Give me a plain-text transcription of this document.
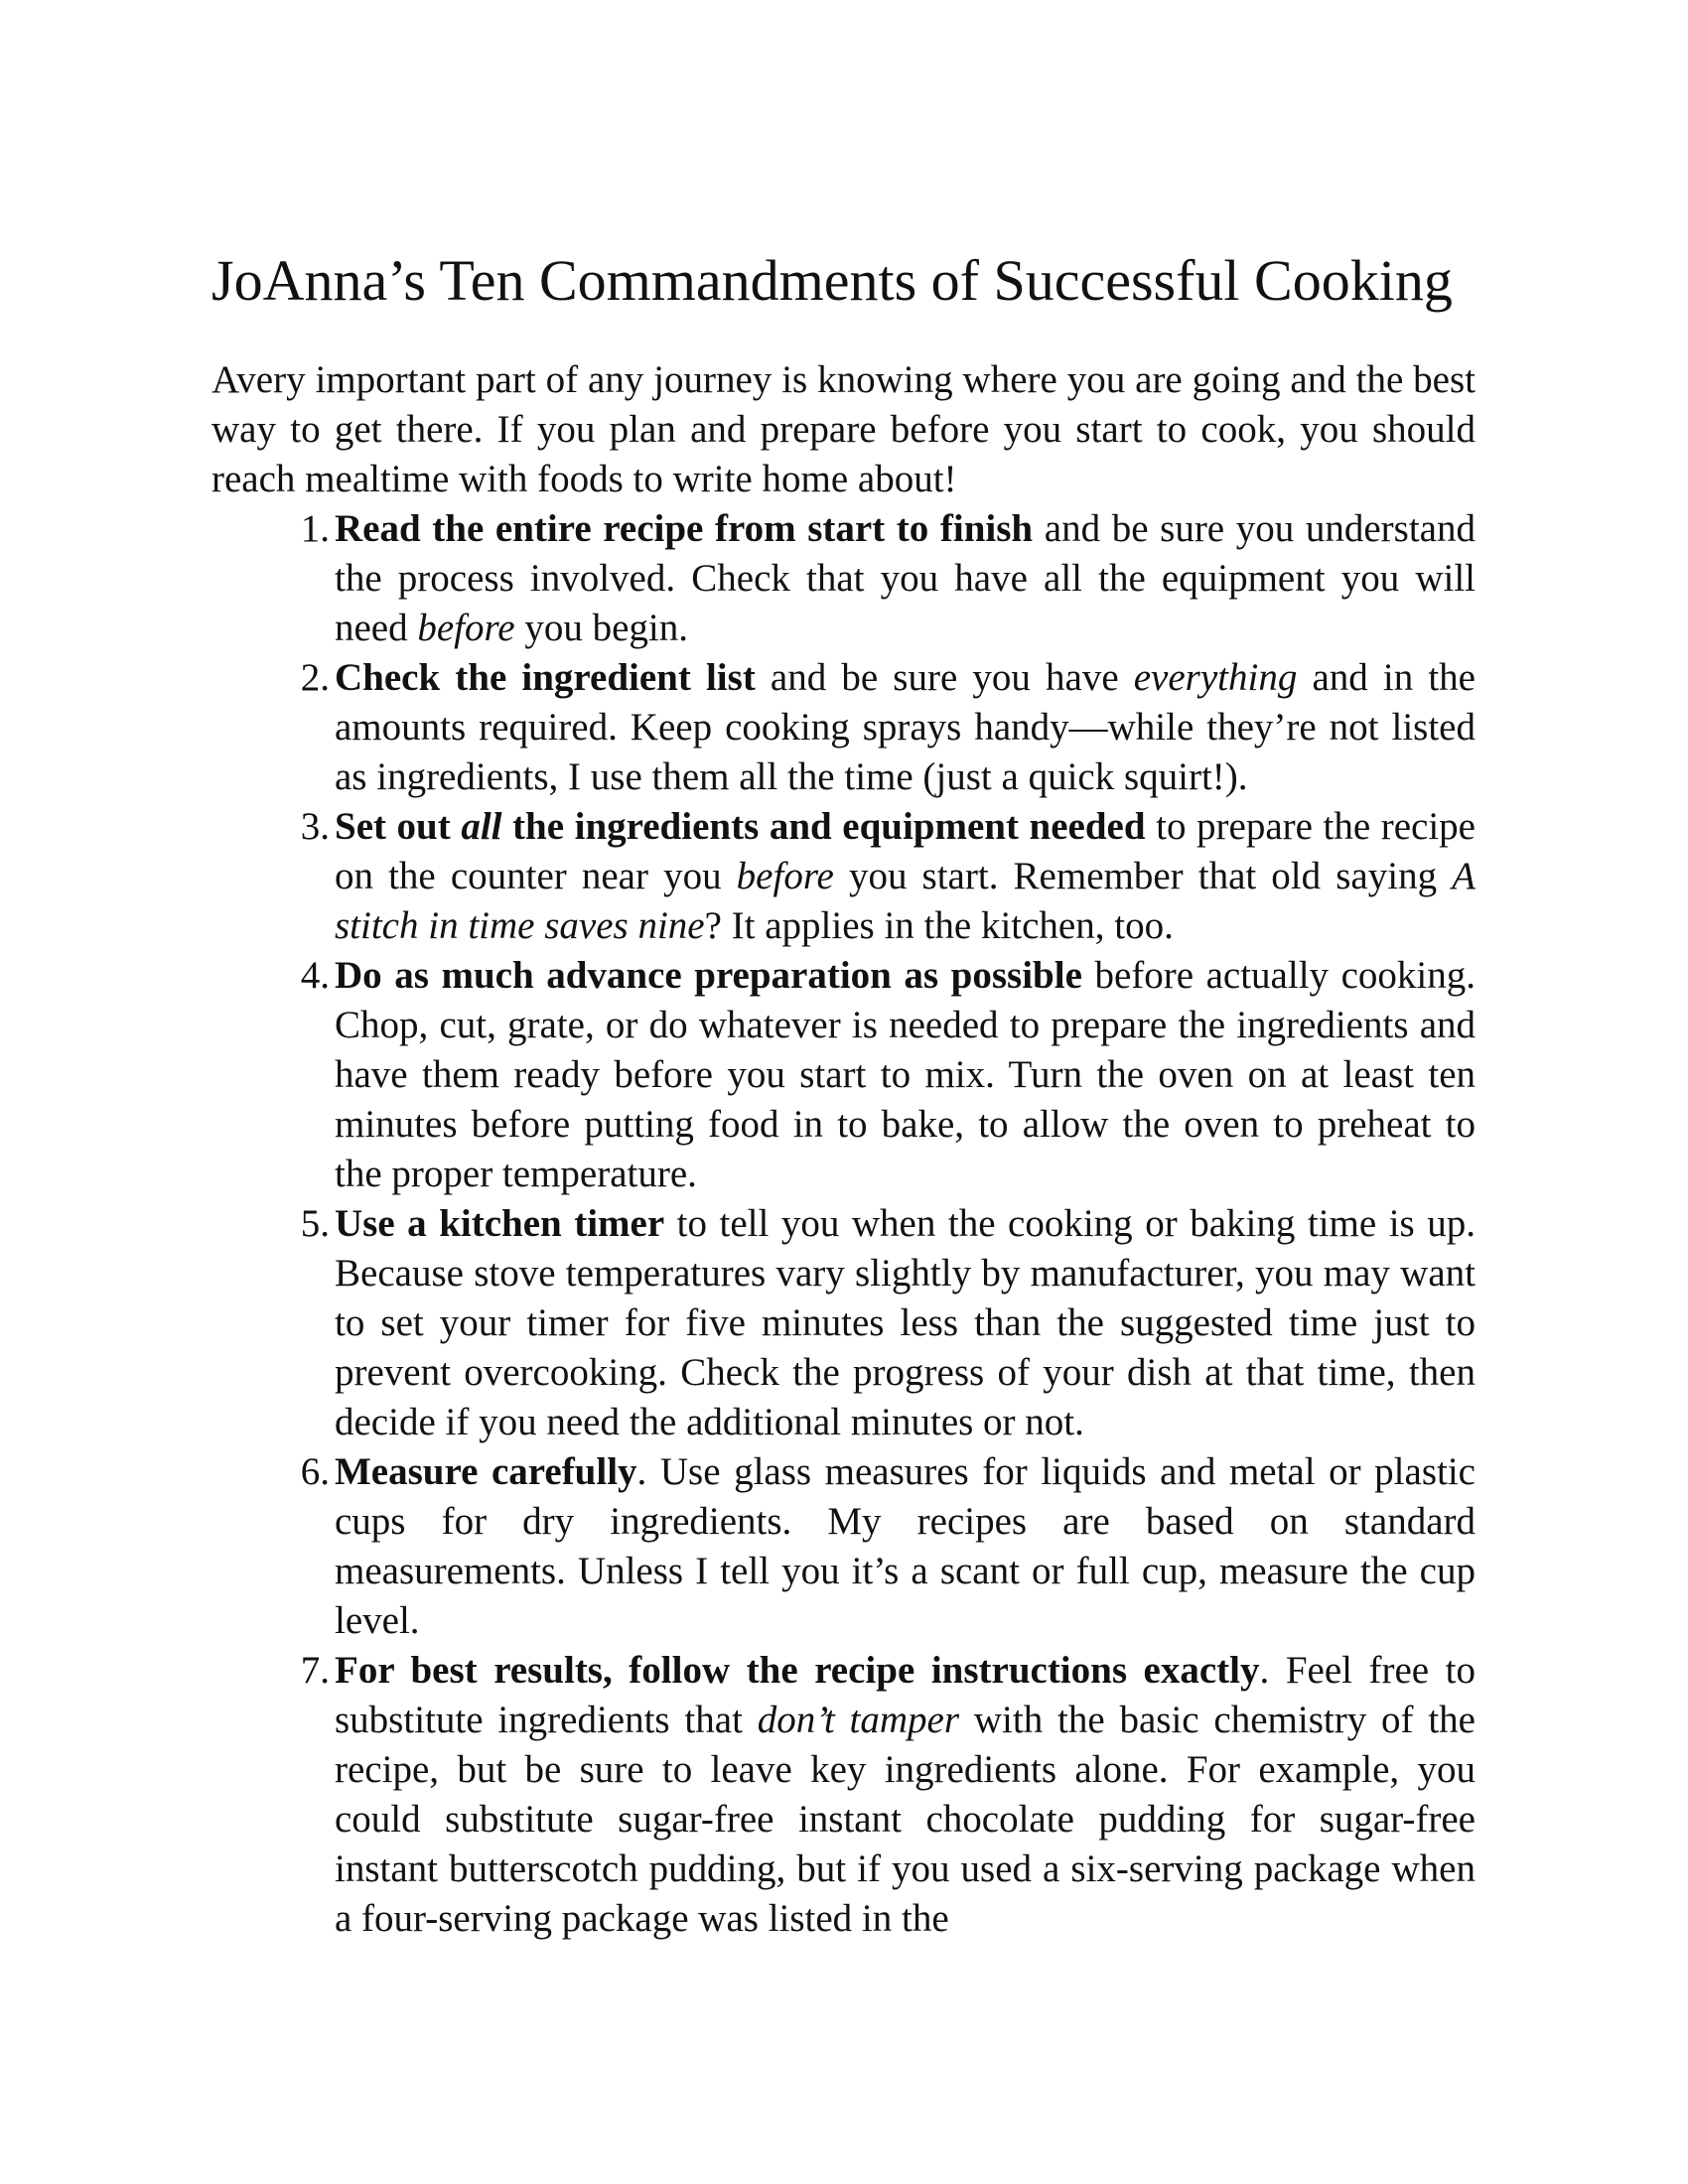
JoAnna’s Ten Commandments of Successful Cooking

Avery important part of any journey is knowing where you are going and the best way to get there. If you plan and prepare before you start to cook, you should reach mealtime with foods to write home about!

1. Read the entire recipe from start to finish and be sure you understand the process involved. Check that you have all the equipment you will need before you begin.
2. Check the ingredient list and be sure you have everything and in the amounts required. Keep cooking sprays handy—while they’re not listed as ingredients, I use them all the time (just a quick squirt!).
3. Set out all the ingredients and equipment needed to prepare the recipe on the counter near you before you start. Remember that old saying A stitch in time saves nine? It applies in the kitchen, too.
4. Do as much advance preparation as possible before actually cooking. Chop, cut, grate, or do whatever is needed to prepare the ingredients and have them ready before you start to mix. Turn the oven on at least ten minutes before putting food in to bake, to allow the oven to preheat to the proper temperature.
5. Use a kitchen timer to tell you when the cooking or baking time is up. Because stove temperatures vary slightly by manufacturer, you may want to set your timer for five minutes less than the suggested time just to prevent overcooking. Check the progress of your dish at that time, then decide if you need the additional minutes or not.
6. Measure carefully. Use glass measures for liquids and metal or plastic cups for dry ingredients. My recipes are based on standard measurements. Unless I tell you it’s a scant or full cup, measure the cup level.
7. For best results, follow the recipe instructions exactly. Feel free to substitute ingredients that don’t tamper with the basic chemistry of the recipe, but be sure to leave key ingredients alone. For example, you could substitute sugar-free instant chocolate pudding for sugar-free instant butterscotch pudding, but if you used a six-serving package when a four-serving package was listed in the
